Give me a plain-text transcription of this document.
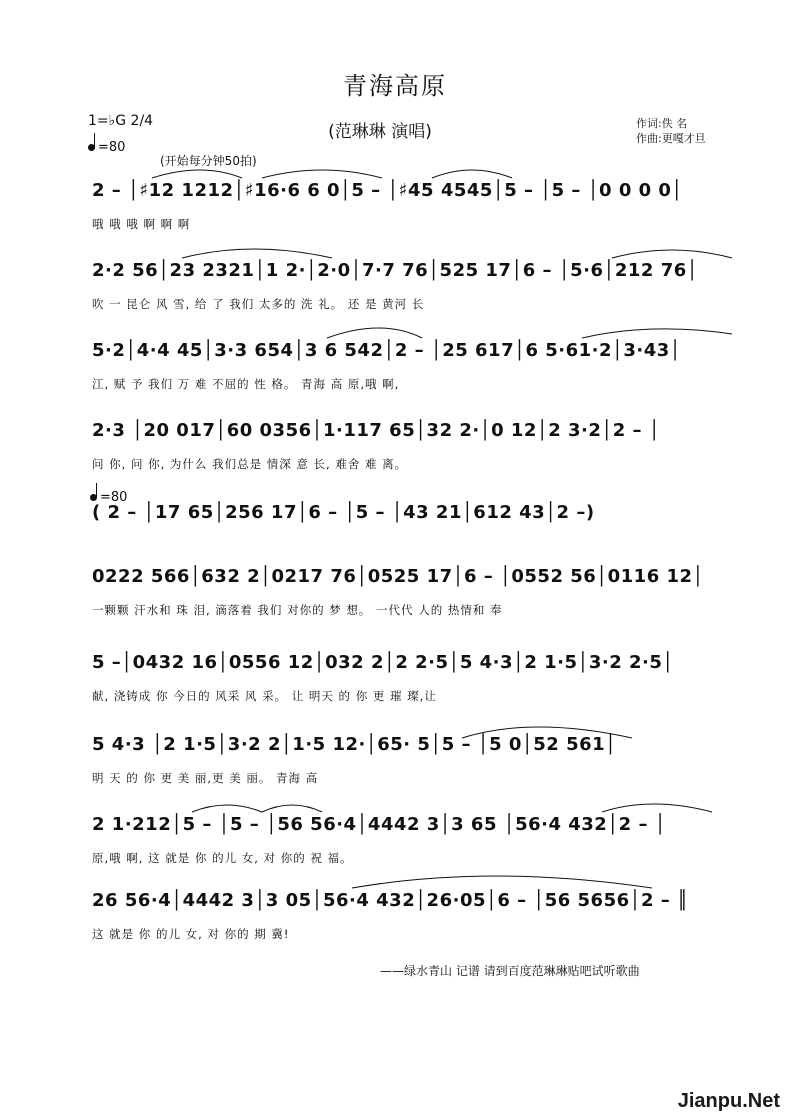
青海高原
(范琳琳 演唱)
1=♭G 2/4
=80
作词:佚 名
作曲:更嘎才旦
(开始每分钟50拍)
=80
2 – │♯12 1212│♯16·6 6 0│5 – │♯45 4545│5 – │5 – │0 0 0 0│
哦 哦 哦 啊 啊 啊
2·2 56│23 2321│1 2·│2·0│7·7 76│525 17│6 – │5·6│212 76│
吹 一 昆仑 风 雪, 给 了 我们 太多的 洗 礼。 还 是 黄河 长
5·2│4·4 45│3·3 654│3 6 542│2 – │25 617│6 5·61·2│3·43│
江, 赋 予 我们 万 难 不屈的 性 格。 青海 高 原,哦 啊,
2·3 │20 017│60 0356│1·117 65│32 2·│0 12│2 3·2│2 – │
问 你, 问 你, 为什么 我们总是 情深 意 长, 难舍 难 离。
( 2 – │17 65│256 17│6 – │5 – │43 21│612 43│2 –)
0222 566│632 2│0217 76│0525 17│6 – │0552 56│0116 12│
一颗颗 汗水和 珠 泪, 滴落着 我们 对你的 梦 想。 一代代 人的 热情和 奉
5 –│0432 16│0556 12│032 2│2 2·5│5 4·3│2 1·5│3·2 2·5│
献, 浇铸成 你 今日的 风采 风 采。 让 明天 的 你 更 璀 璨,让
5 4·3 │2 1·5│3·2 2│1·5 12·│65· 5│5 – │5 0│52 561│
明 天 的 你 更 美 丽,更 美 丽。 青海 高
2 1·212│5 – │5 – │56 56·4│4442 3│3 65 │56·4 432│2 – │
原,哦 啊, 这 就是 你 的儿 女, 对 你的 祝 福。
26 56·4│4442 3│3 05│56·4 432│26·05│6 – │56 5656│2 – ║
这 就是 你 的儿 女, 对 你的 期 冀!
——绿水青山 记谱 请到百度范琳琳贴吧试听歌曲
Jianpu.Net
